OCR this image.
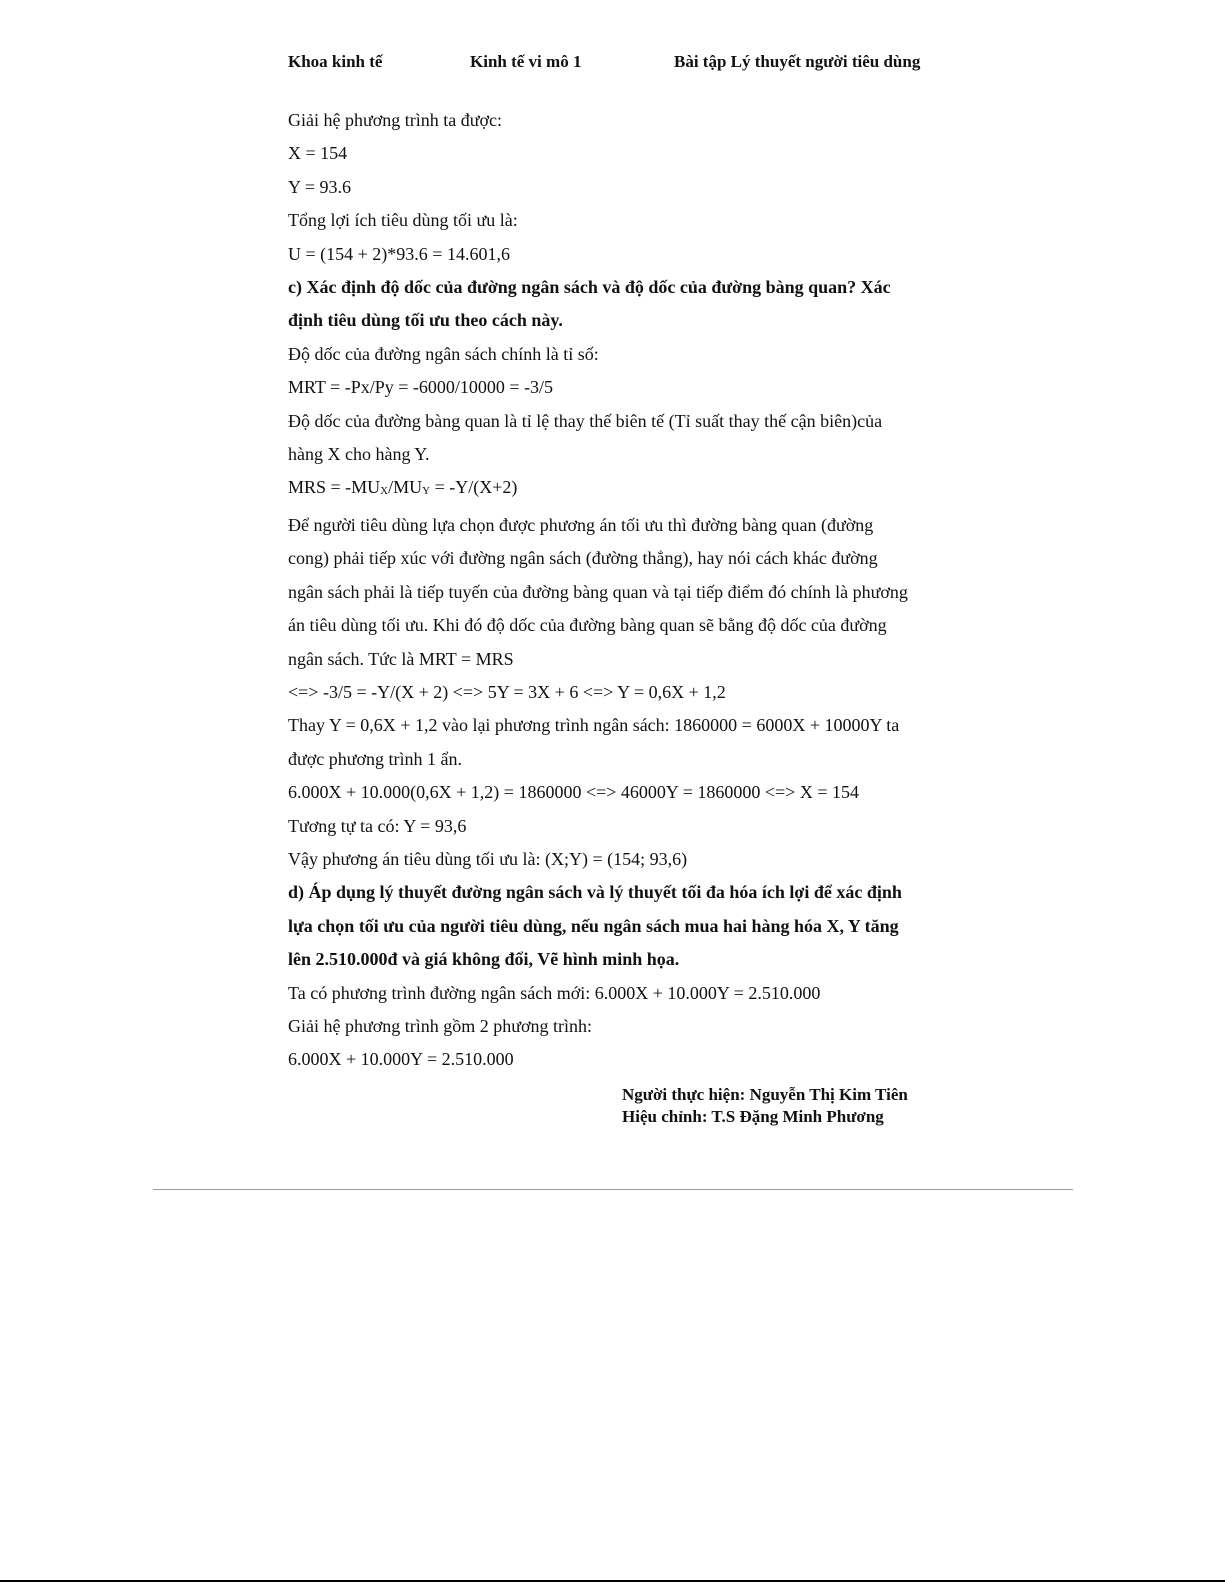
Khoa kinh tế	Kinh tế vi mô 1	Bài tập Lý thuyết người tiêu dùng

Giải hệ phương trình ta được:

X = 154

Y = 93.6

Tổng lợi ích tiêu dùng tối ưu là:

U = (154 + 2)*93.6 = 14.601,6

c) Xác định độ dốc của đường ngân sách và độ dốc của đường bàng quan? Xác

định tiêu dùng tối ưu theo cách này.

Độ dốc của đường ngân sách chính là tỉ số:

MRT = -Px/Py = -6000/10000 = -3/5

Độ dốc của đường bàng quan là tỉ lệ thay thế biên tế (Tỉ suất thay thế cận biên)của

hàng X cho hàng Y.

MRS = -MUX/MUY = -Y/(X+2)

Để người tiêu dùng lựa chọn được phương án tối ưu thì đường bàng quan (đường

cong) phải tiếp xúc với đường ngân sách (đường thẳng), hay nói cách khác đường

ngân sách phải là tiếp tuyến của đường bàng quan và tại tiếp điểm đó chính là phương

án tiêu dùng tối ưu. Khi đó độ dốc của đường bàng quan sẽ bằng độ dốc của đường

ngân sách. Tức là MRT = MRS

<=> -3/5 = -Y/(X + 2) <=> 5Y = 3X + 6 <=> Y = 0,6X + 1,2

Thay Y = 0,6X + 1,2 vào lại phương trình ngân sách: 1860000 = 6000X + 10000Y ta

được phương trình 1 ẩn.

6.000X + 10.000(0,6X + 1,2) = 1860000 <=> 46000Y = 1860000 <=> X = 154

Tương tự ta có: Y = 93,6

Vậy phương án tiêu dùng tối ưu là: (X;Y) = (154; 93,6)

d) Áp dụng lý thuyết đường ngân sách và lý thuyết tối đa hóa ích lợi để xác định

lựa chọn tối ưu của người tiêu dùng, nếu ngân sách mua hai hàng hóa X, Y tăng

lên 2.510.000đ và giá không đổi, Vẽ hình minh họa.

Ta có phương trình đường ngân sách mới: 6.000X + 10.000Y = 2.510.000

Giải hệ phương trình gồm 2 phương trình:

6.000X + 10.000Y = 2.510.000

Người thực hiện: Nguyễn Thị Kim Tiên
Hiệu chỉnh: T.S Đặng Minh Phương
